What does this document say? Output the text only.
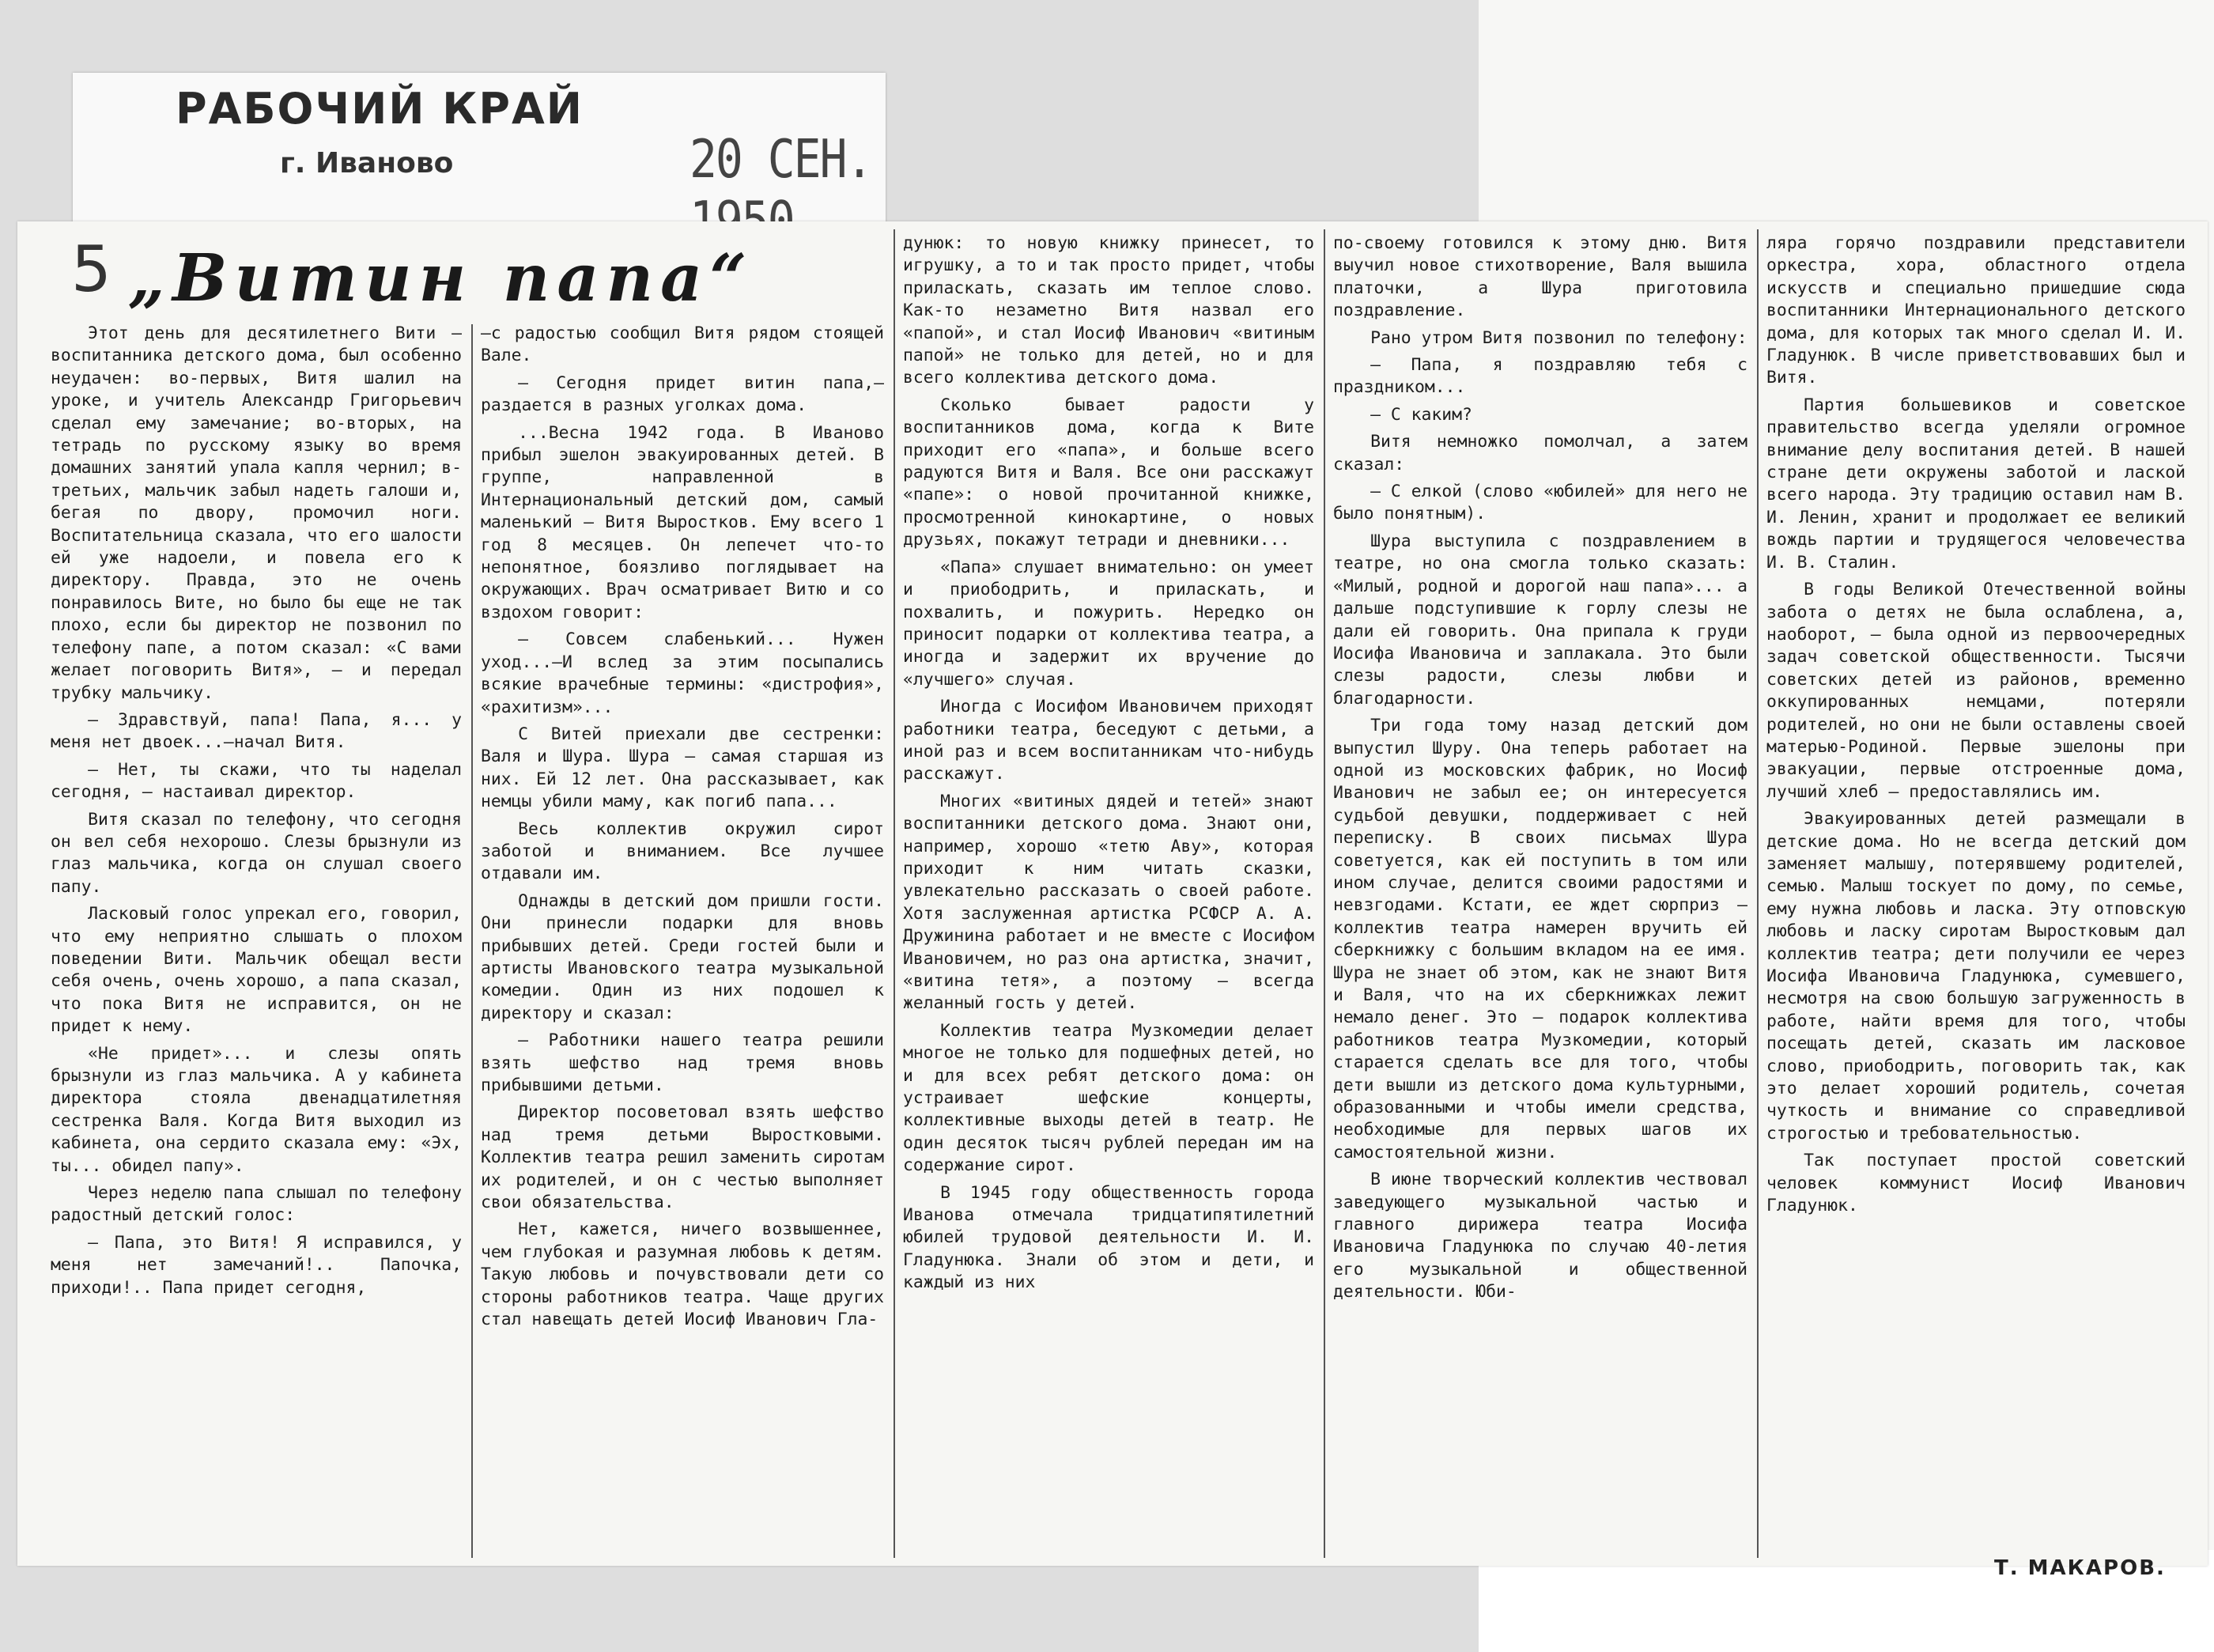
РАБОЧИЙ КРАЙ
г. Иваново	20 СЕН.
5 „Витин папа“

Этот день для десятилетнего Вити — воспитанника детского дома, был особенно неудачен: во-первых, Витя шалил на уроке, и учитель Александр Григорьевич сделал ему замечание; во-вторых, на тетрадь по русскому языку во время домашних занятий упала капля чернил; в-третьих, мальчик забыл надеть галоши и, бегая по двору, промочил ноги. Воспитательница сказала, что его шалости ей уже надоели, и повела его к директору. Правда, это не очень понравилось Вите, но было бы еще не так плохо, если бы директор не позвонил по телефону папе, а потом сказал: «С вами желает поговорить Витя», — и передал трубку мальчику.

— Здравствуй, папа! Папа, я... у меня нет двоек...—начал Витя.

— Нет, ты скажи, что ты наделал сегодня, — настаивал директор.

Витя сказал по телефону, что сегодня он вел себя нехорошо. Слезы брызнули из глаз мальчика, когда он слушал своего папу.

Ласковый голос упрекал его, говорил, что ему неприятно слышать о плохом поведении Вити. Мальчик обещал вести себя очень, очень хорошо, а папа сказал, что пока Витя не исправится, он не придет к нему.

«Не придет»... и слезы опять брызнули из глаз мальчика. А у кабинета директора стояла двенадцатилетняя сестренка Валя. Когда Витя выходил из кабинета, она сердито сказала ему: «Эх, ты... обидел папу».

Через неделю папа слышал по телефону радостный детский голос:

— Папа, это Витя! Я исправился, у меня нет замечаний!.. Папочка, приходи!.. Папа придет сегодня,

—с радостью сообщил Витя рядом стоящей Вале.

— Сегодня придет витин папа,— раздается в разных уголках дома.

...Весна 1942 года. В Иваново прибыл эшелон эвакуированных детей. В группе, направленной в Интернациональный детский дом, самый маленький — Витя Выростков. Ему всего 1 год 8 месяцев. Он лепечет что-то непонятное, боязливо поглядывает на окружающих. Врач осматривает Витю и со вздохом говорит:

— Совсем слабенький... Нужен уход...—И вслед за этим посыпались всякие врачебные термины: «дистрофия», «рахитизм»...

С Витей приехали две сестренки: Валя и Шура. Шура — самая старшая из них. Ей 12 лет. Она рассказывает, как немцы убили маму, как погиб папа...

Весь коллектив окружил сирот заботой и вниманием. Все лучшее отдавали им.

Однажды в детский дом пришли гости. Они принесли подарки для вновь прибывших детей. Среди гостей были и артисты Ивановского театра музыкальной комедии. Один из них подошел к директору и сказал:

— Работники нашего театра решили взять шефство над тремя вновь прибывшими детьми.

Директор посоветовал взять шефство над тремя детьми Выростковыми. Коллектив театра решил заменить сиротам их родителей, и он с честью выполняет свои обязательства.

Нет, кажется, ничего возвышеннее, чем глубокая и разумная любовь к детям. Такую любовь и почувствовали дети со стороны работников театра. Чаще других стал навещать детей Иосиф Иванович Гла-

дунюк: то новую книжку принесет, то игрушку, а то и так просто придет, чтобы приласкать, сказать им теплое слово. Как-то незаметно Витя назвал его «папой», и стал Иосиф Иванович «витиным папой» не только для детей, но и для всего коллектива детского дома.

Сколько бывает радости у воспитанников дома, когда к Вите приходит его «папа», и больше всего радуются Витя и Валя. Все они расскажут «папе»: о новой прочитанной книжке, просмотренной кинокартине, о новых друзьях, покажут тетради и дневники...

«Папа» слушает внимательно: он умеет и приободрить, и приласкать, и похвалить, и пожурить. Нередко он приносит подарки от коллектива театра, а иногда и задержит их вручение до «лучшего» случая.

Иногда с Иосифом Ивановичем приходят работники театра, беседуют с детьми, а иной раз и всем воспитанникам что-нибудь расскажут.

Многих «витиных дядей и тетей» знают воспитанники детского дома. Знают они, например, хорошо «тетю Аву», которая приходит к ним читать сказки, увлекательно рассказать о своей работе. Хотя заслуженная артистка РСФСР А. А. Дружинина работает и не вместе с Иосифом Ивановичем, но раз она артистка, значит, «витина тетя», а поэтому — всегда желанный гость у детей.

Коллектив театра Музкомедии делает многое не только для подшефных детей, но и для всех ребят детского дома: он устраивает шефские концерты, коллективные выходы детей в театр. Не один десяток тысяч рублей передан им на содержание сирот.

В 1945 году общественность города Иванова отмечала тридцатипятилетний юбилей трудовой деятельности И. И. Гладунюка. Знали об этом и дети, и каждый из них

по-своему готовился к этому дню. Витя выучил новое стихотворение, Валя вышила платочки, а Шура приготовила поздравление.

Рано утром Витя позвонил по телефону:

— Папа, я поздравляю тебя с праздником...

— С каким?

Витя немножко помолчал, а затем сказал:

— С елкой (слово «юбилей» для него не было понятным).

Шура выступила с поздравлением в театре, но она смогла только сказать: «Милый, родной и дорогой наш папа»... а дальше подступившие к горлу слезы не дали ей говорить. Она припала к груди Иосифа Ивановича и заплакала. Это были слезы радости, слезы любви и благодарности.

Три года тому назад детский дом выпустил Шуру. Она теперь работает на одной из московских фабрик, но Иосиф Иванович не забыл ее; он интересуется судьбой девушки, поддерживает с ней переписку. В своих письмах Шура советуется, как ей поступить в том или ином случае, делится своими радостями и невзгодами. Кстати, ее ждет сюрприз — коллектив театра намерен вручить ей сберкнижку с большим вкладом на ее имя. Шура не знает об этом, как не знают Витя и Валя, что на их сберкнижках лежит немало денег. Это — подарок коллектива работников театра Музкомедии, который старается сделать все для того, чтобы дети вышли из детского дома культурными, образованными и чтобы имели средства, необходимые для первых шагов их самостоятельной жизни.

В июне творческий коллектив чествовал заведующего музыкальной частью и главного дирижера театра Иосифа Ивановича Гладунюка по случаю 40-летия его музыкальной и общественной деятельности. Юби-

ляра горячо поздравили представители оркестра, хора, областного отдела искусств и специально пришедшие сюда воспитанники Интернационального детского дома, для которых так много сделал И. И. Гладунюк. В числе приветствовавших был и Витя.

Партия большевиков и советское правительство всегда уделяли огромное внимание делу воспитания детей. В нашей стране дети окружены заботой и лаской всего народа. Эту традицию оставил нам В. И. Ленин, хранит и продолжает ее великий вождь партии и трудящегося человечества И. В. Сталин.

В годы Великой Отечественной войны забота о детях не была ослаблена, а, наоборот, — была одной из первоочередных задач советской общественности. Тысячи советских детей из районов, временно оккупированных немцами, потеряли родителей, но они не были оставлены своей матерью-Родиной. Первые эшелоны при эвакуации, первые отстроенные дома, лучший хлеб — предоставлялись им.

Эвакуированных детей размещали в детские дома. Но не всегда детский дом заменяет малышу, потерявшему родителей, семью. Малыш тоскует по дому, по семье, ему нужна любовь и ласка. Эту отповскую любовь и ласку сиротам Выростковым дал коллектив театра; дети получили ее через Иосифа Ивановича Гладунюка, сумевшего, несмотря на свою большую загруженность в работе, найти время для того, чтобы посещать детей, сказать им ласковое слово, приободрить, поговорить так, как это делает хороший родитель, сочетая чуткость и внимание со справедливой строгостью и требовательностью.

Так поступает простой советский человек коммунист Иосиф Иванович Гладунюк.

Т. МАКАРОВ.
